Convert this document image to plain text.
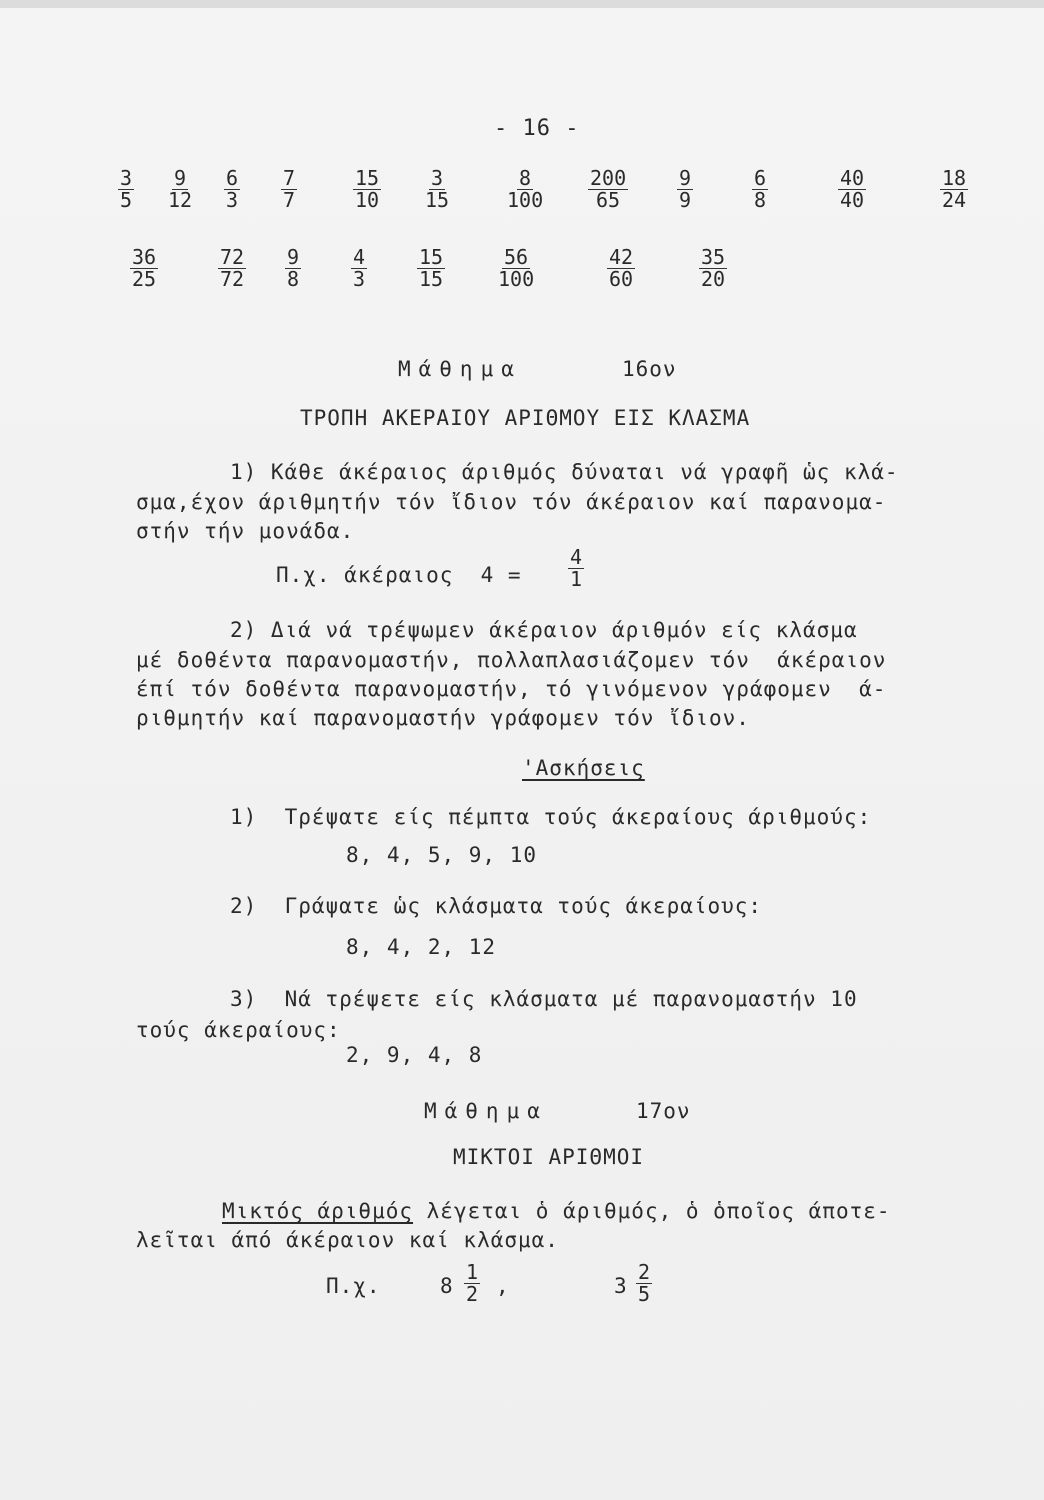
- 16 -
$\frac{3}{5} \frac{9}{12} \frac{6}{3} \frac{7}{7}$	$\frac{15}{10} \frac{3}{15}$	$\frac{8}{100} \frac{200}{65} \frac{9}{9}$	$\frac{6}{8}$	$\frac{40}{40}$	$\frac{18}{24}$
$\frac{36}{25}$	$\frac{72}{72} \frac{9}{8} \frac{4}{3} \frac{15}{15}$	$\frac{56}{100}$	$\frac{42}{60}$	$\frac{35}{20}$
Μάθημα	16ον
ΤΡΟΠΗ ΑΚΕΡΑΙΟΥ ΑΡΙΘΜΟΥ ΕΙΣ ΚΛΑΣΜΑ
1) Κάθε άκέραιος άριθμός δύναται νά γραφῆ ὡς κλά-
σμα,έχον άριθμητήν τόν ἴδιον τόν άκέραιον καί παρανομα-
στήν τήν μονάδα.
Π.χ. άκέραιος  $4 = \frac{4}{1}$
2) Διά νά τρέψωμεν άκέραιον άριθμόν είς κλάσμα
μέ δοθέντα παρανομαστήν, πολλαπλασιάζομεν τόν  άκέραιον
έπί τόν δοθέντα παρανομαστήν, τό γινόμενον γράφομεν  ά-
ριθμητήν καί παρανομαστήν γράφομεν τόν ἴδιον.
'Ασκήσεις
1)  Τρέψατε είς πέμπτα τούς άκεραίους άριθμούς:
8, 4, 5, 9, 10
2)  Γράψατε ὡς κλάσματα τούς άκεραίους:
8, 4, 2, 12
3)  Νά τρέψετε είς κλάσματα μέ παρανομαστήν 10
τούς άκεραίους:
2, 9, 4, 8
Μάθημα	17ον
ΜΙΚΤΟΙ ΑΡΙΘΜΟΙ
Μικτός άριθμός λέγεται ὁ άριθμός, ὁ ὁποῖος άποτε-
λεῖται άπό άκέραιον καί κλάσμα.
Π.χ.	$8 \frac{1}{2}$ ,	$3 \frac{2}{5}$
